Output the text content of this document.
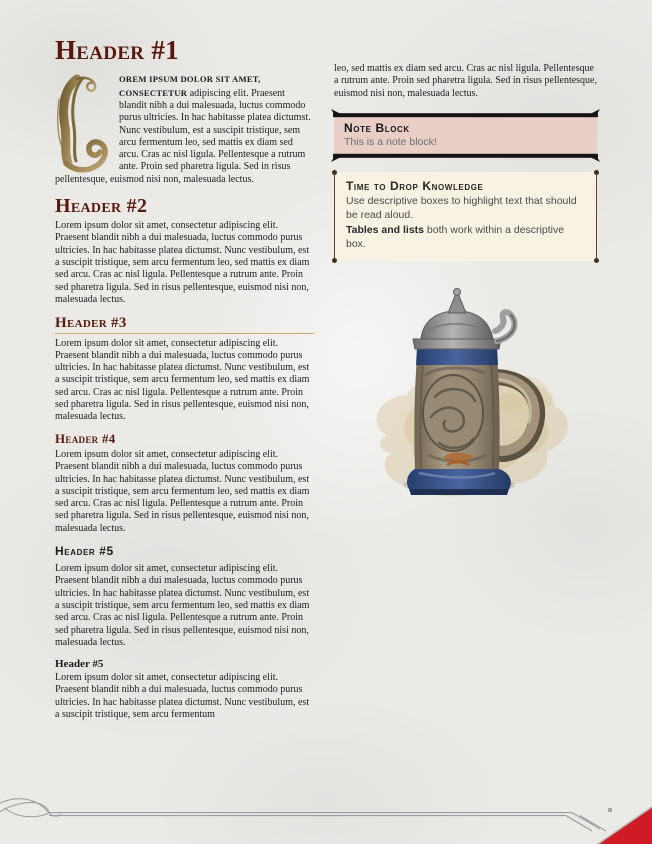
Header #1

OREM IPSUM DOLOR SIT AMET, CONSECTETUR adipiscing elit. Praesent blandit nibh a dui malesuada, luctus commodo purus ultricies. In hac habitasse platea dictumst. Nunc vestibulum, est a suscipit tristique, sem arcu fermentum leo, sed mattis ex diam sed arcu. Cras ac nisl ligula. Pellentesque a rutrum ante. Proin sed pharetra ligula. Sed in risus pellentesque, euismod nisi non, malesuada lectus.

Header #2

Lorem ipsum dolor sit amet, consectetur adipiscing elit. Praesent blandit nibh a dui malesuada, luctus commodo purus ultricies. In hac habitasse platea dictumst. Nunc vestibulum, est a suscipit tristique, sem arcu fermentum leo, sed mattis ex diam sed arcu. Cras ac nisl ligula. Pellentesque a rutrum ante. Proin sed pharetra ligula. Sed in risus pellentesque, euismod nisi non, malesuada lectus.

Header #3

Lorem ipsum dolor sit amet, consectetur adipiscing elit. Praesent blandit nibh a dui malesuada, luctus commodo purus ultricies. In hac habitasse platea dictumst. Nunc vestibulum, est a suscipit tristique, sem arcu fermentum leo, sed mattis ex diam sed arcu. Cras ac nisl ligula. Pellentesque a rutrum ante. Proin sed pharetra ligula. Sed in risus pellentesque, euismod nisi non, malesuada lectus.

Header #4

Lorem ipsum dolor sit amet, consectetur adipiscing elit. Praesent blandit nibh a dui malesuada, luctus commodo purus ultricies. In hac habitasse platea dictumst. Nunc vestibulum, est a suscipit tristique, sem arcu fermentum leo, sed mattis ex diam sed arcu. Cras ac nisl ligula. Pellentesque a rutrum ante. Proin sed pharetra ligula. Sed in risus pellentesque, euismod nisi non, malesuada lectus.

Header #5

Lorem ipsum dolor sit amet, consectetur adipiscing elit. Praesent blandit nibh a dui malesuada, luctus commodo purus ultricies. In hac habitasse platea dictumst. Nunc vestibulum, est a suscipit tristique, sem arcu fermentum leo, sed mattis ex diam sed arcu. Cras ac nisl ligula. Pellentesque a rutrum ante. Proin sed pharetra ligula. Sed in risus pellentesque, euismod nisi non, malesuada lectus.

Header #5

Lorem ipsum dolor sit amet, consectetur adipiscing elit. Praesent blandit nibh a dui malesuada, luctus commodo purus ultricies. In hac habitasse platea dictumst. Nunc vestibulum, est a suscipit tristique, sem arcu fermentum

leo, sed mattis ex diam sed arcu. Cras ac nisl ligula. Pellentesque a rutrum ante. Proin sed pharetra ligula. Sed in risus pellentesque, euismod nisi non, malesuada lectus.

Note Block
This is a note block!
Time to Drop Knowledge
Use descriptive boxes to highlight text that should be read aloud.
Tables and lists both work within a descriptive box.
